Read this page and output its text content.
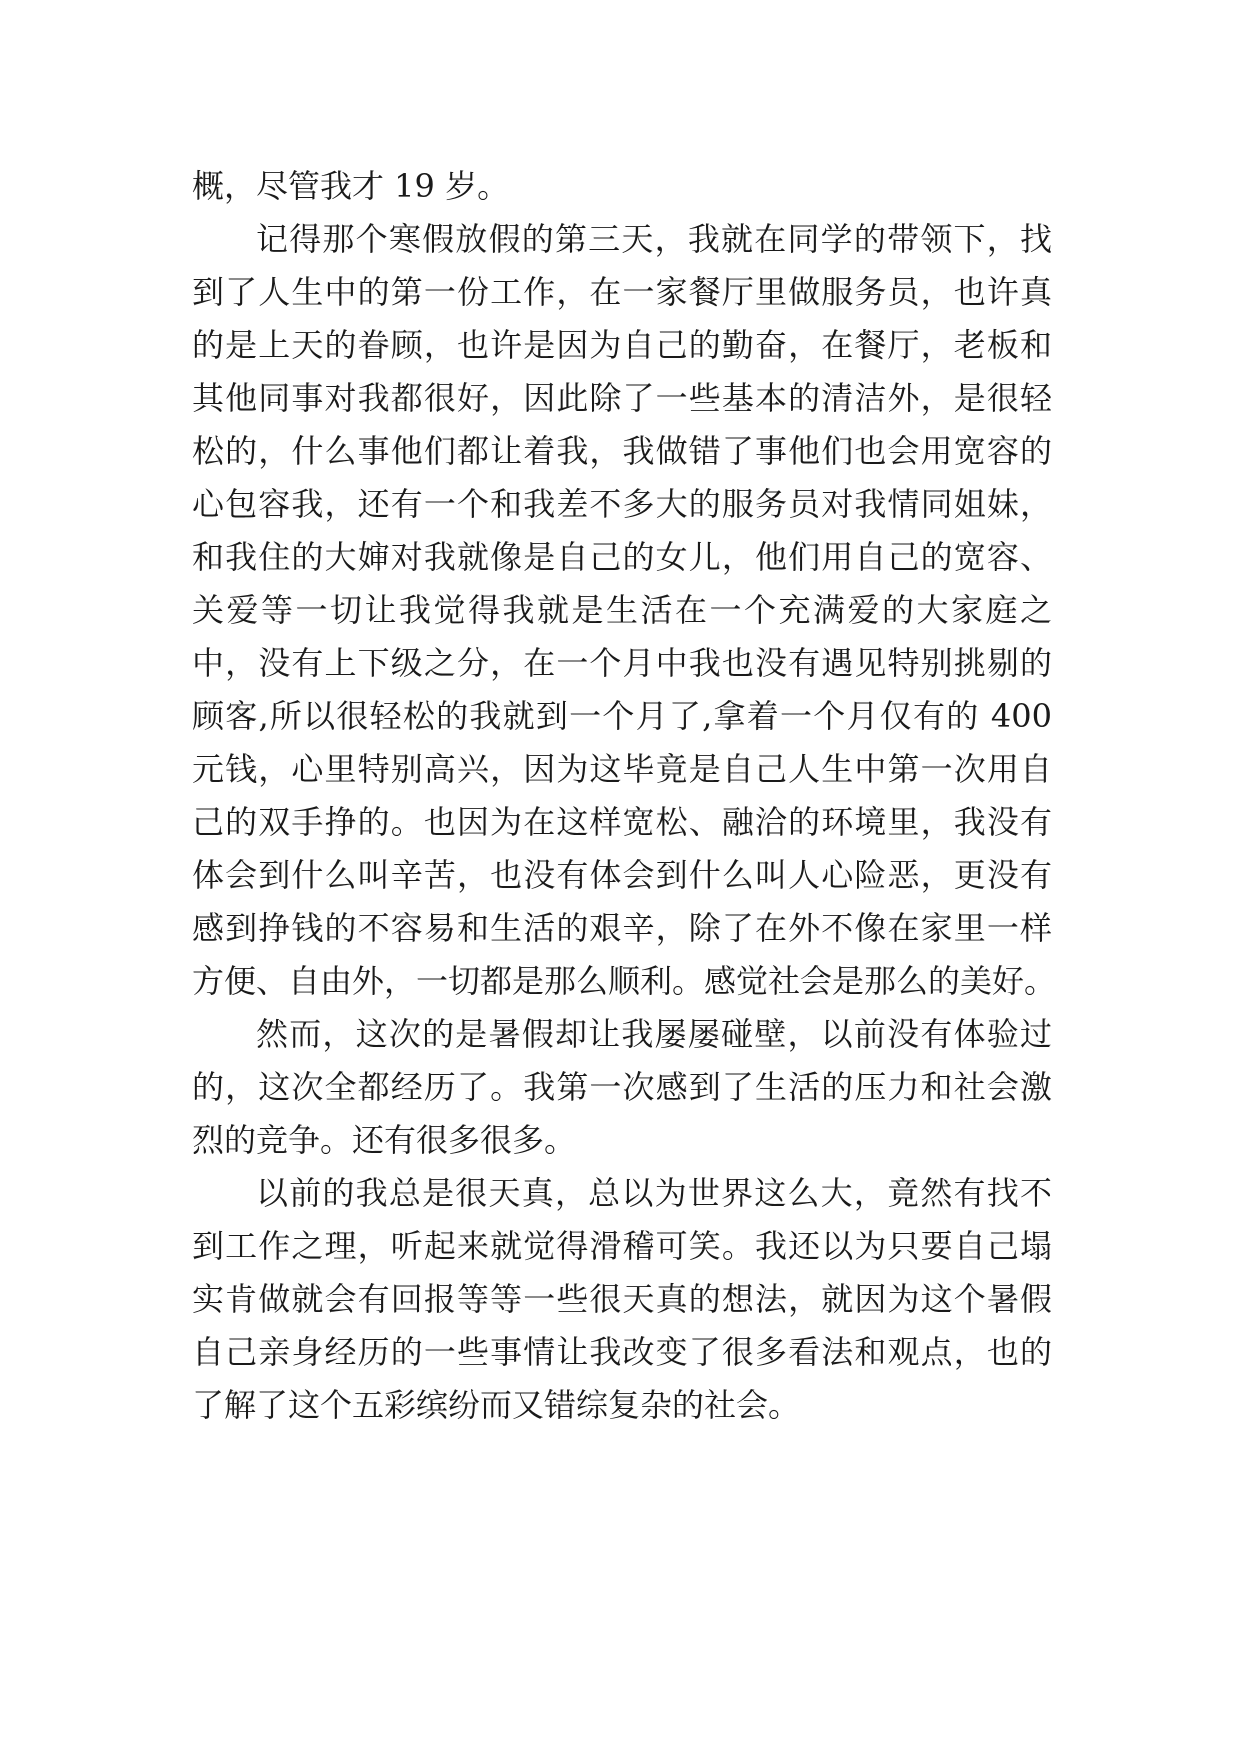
概，尽管我才 19 岁。
记得那个寒假放假的第三天，我就在同学的带领下，找
到了人生中的第一份工作，在一家餐厅里做服务员，也许真
的是上天的眷顾，也许是因为自己的勤奋，在餐厅，老板和
其他同事对我都很好，因此除了一些基本的清洁外，是很轻
松的，什么事他们都让着我，我做错了事他们也会用宽容的
心包容我，还有一个和我差不多大的服务员对我情同姐妹，
和我住的大婶对我就像是自己的女儿，他们用自己的宽容、
关爱等一切让我觉得我就是生活在一个充满爱的大家庭之
中，没有上下级之分，在一个月中我也没有遇见特别挑剔的
顾客,所以很轻松的我就到一个月了,拿着一个月仅有的 400
元钱，心里特别高兴，因为这毕竟是自己人生中第一次用自
己的双手挣的。也因为在这样宽松、融洽的环境里，我没有
体会到什么叫辛苦，也没有体会到什么叫人心险恶，更没有
感到挣钱的不容易和生活的艰辛，除了在外不像在家里一样
方便、自由外，一切都是那么顺利。感觉社会是那么的美好。
然而，这次的是暑假却让我屡屡碰壁，以前没有体验过
的，这次全都经历了。我第一次感到了生活的压力和社会激
烈的竞争。还有很多很多。
以前的我总是很天真，总以为世界这么大，竟然有找不
到工作之理，听起来就觉得滑稽可笑。我还以为只要自己塌
实肯做就会有回报等等一些很天真的想法，就因为这个暑假
自己亲身经历的一些事情让我改变了很多看法和观点，也的
了解了这个五彩缤纷而又错综复杂的社会。
